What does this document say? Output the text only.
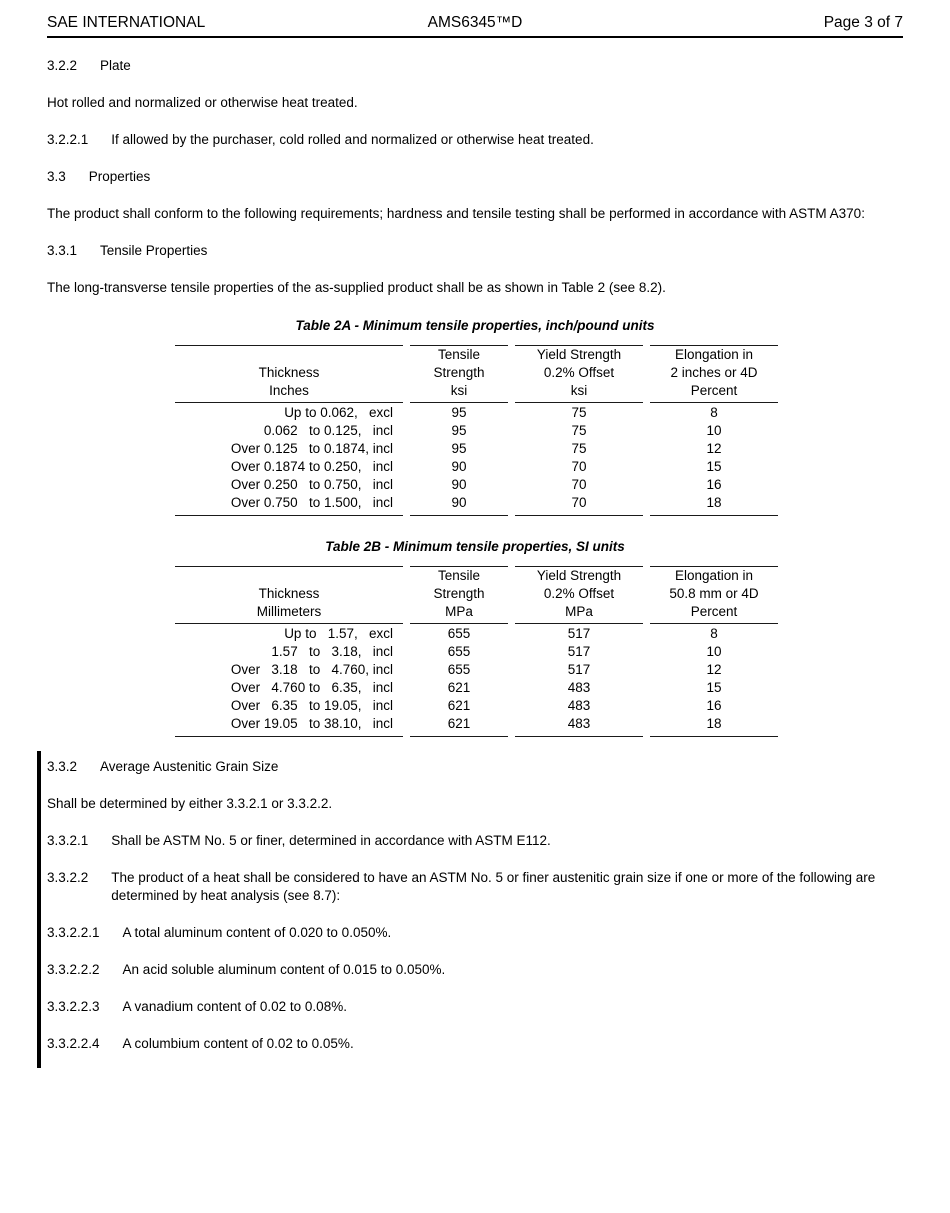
SAE INTERNATIONAL	AMS6345™D	Page 3 of 7
3.2.2 Plate
Hot rolled and normalized or otherwise heat treated.
3.2.2.1 If allowed by the purchaser, cold rolled and normalized or otherwise heat treated.
3.3 Properties
The product shall conform to the following requirements; hardness and tensile testing shall be performed in accordance with ASTM A370:
3.3.1 Tensile Properties
The long-transverse tensile properties of the as-supplied product shall be as shown in Table 2 (see 8.2).
Table 2A - Minimum tensile properties, inch/pound units
Thickness
Inches
Up to 0.062,   excl
0.062   to 0.125,   incl
Over 0.125   to 0.1874, incl
Over 0.1874 to 0.250,   incl
Over 0.250   to 0.750,   incl
Over 0.750   to 1.500,   incl
Tensile
Strength
ksi
95
95
95
90
90
90
Yield Strength
0.2% Offset
ksi
75
75
75
70
70
70
Elongation in
2 inches or 4D
Percent
8
10
12
15
16
18
Table 2B - Minimum tensile properties, SI units
Thickness
Millimeters
Up to   1.57,   excl
1.57   to   3.18,   incl
Over   3.18   to   4.760, incl
Over   4.760 to   6.35,   incl
Over   6.35   to 19.05,   incl
Over 19.05   to 38.10,   incl
Tensile
Strength
MPa
655
655
655
621
621
621
Yield Strength
0.2% Offset
MPa
517
517
517
483
483
483
Elongation in
50.8 mm or 4D
Percent
8
10
12
15
16
18
3.3.2 Average Austenitic Grain Size
Shall be determined by either 3.3.2.1 or 3.3.2.2.
3.3.2.1 Shall be ASTM No. 5 or finer, determined in accordance with ASTM E112.
3.3.2.2 The product of a heat shall be considered to have an ASTM No. 5 or finer austenitic grain size if one or more of the following are determined by heat analysis (see 8.7):
3.3.2.2.1 A total aluminum content of 0.020 to 0.050%.
3.3.2.2.2 An acid soluble aluminum content of 0.015 to 0.050%.
3.3.2.2.3 A vanadium content of 0.02 to 0.08%.
3.3.2.2.4 A columbium content of 0.02 to 0.05%.
